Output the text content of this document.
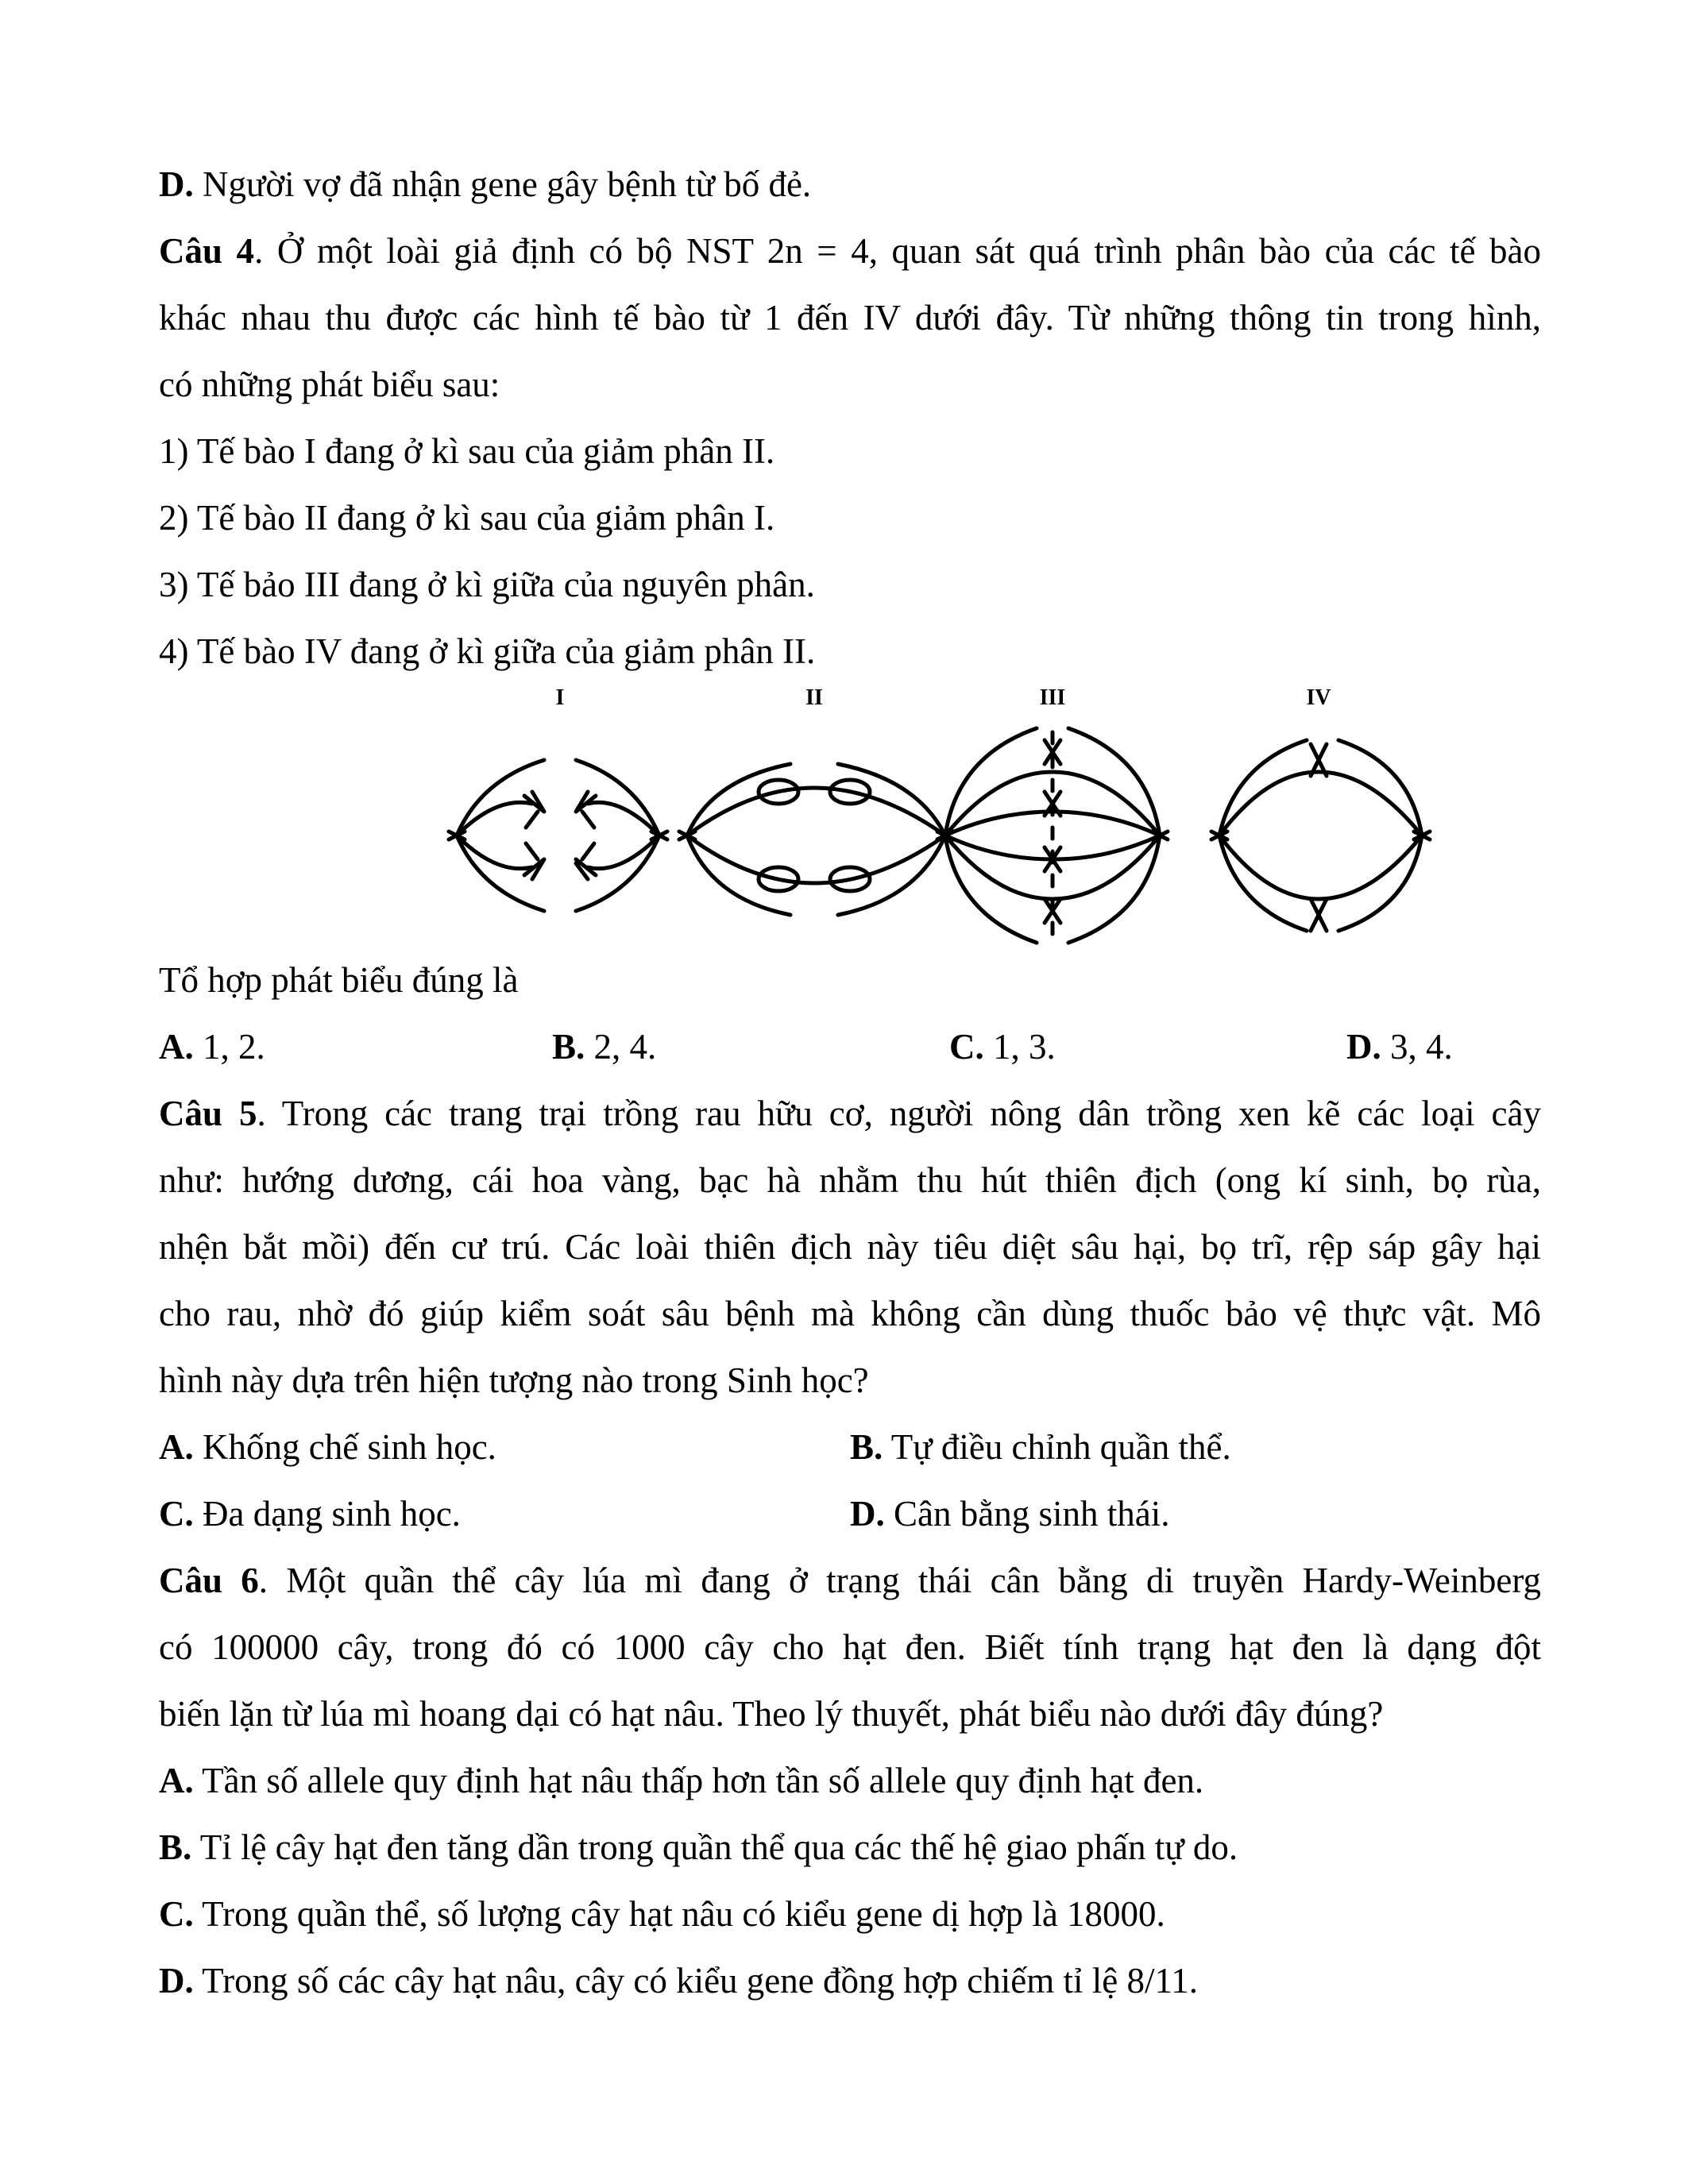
D. Người vợ đã nhận gene gây bệnh từ bố đẻ.
Câu 4. Ở một loài giả định có bộ NST 2n = 4, quan sát quá trình phân bào của các tế bào
khác nhau thu được các hình tế bào từ 1 đến IV dưới đây. Từ những thông tin trong hình,
có những phát biểu sau:
1) Tế bào I đang ở kì sau của giảm phân II.
2) Tế bào II đang ở kì sau của giảm phân I.
3) Tế bảo III đang ở kì giữa của nguyên phân.
4) Tế bào IV đang ở kì giữa của giảm phân II.
I	II	III	IV
Tổ hợp phát biểu đúng là
A. 1, 2.	B. 2, 4.	C. 1, 3.	D. 3, 4.
Câu 5. Trong các trang trại trồng rau hữu cơ, người nông dân trồng xen kẽ các loại cây
như: hướng dương, cái hoa vàng, bạc hà nhằm thu hút thiên địch (ong kí sinh, bọ rùa,
nhện bắt mồi) đến cư trú. Các loài thiên địch này tiêu diệt sâu hại, bọ trĩ, rệp sáp gây hại
cho rau, nhờ đó giúp kiểm soát sâu bệnh mà không cần dùng thuốc bảo vệ thực vật. Mô
hình này dựa trên hiện tượng nào trong Sinh học?
A. Khống chế sinh học.	B. Tự điều chỉnh quần thể.
C. Đa dạng sinh học.	D. Cân bằng sinh thái.
Câu 6. Một quần thể cây lúa mì đang ở trạng thái cân bằng di truyền Hardy-Weinberg
có 100000 cây, trong đó có 1000 cây cho hạt đen. Biết tính trạng hạt đen là dạng đột
biến lặn từ lúa mì hoang dại có hạt nâu. Theo lý thuyết, phát biểu nào dưới đây đúng?
A. Tần số allele quy định hạt nâu thấp hơn tần số allele quy định hạt đen.
B. Tỉ lệ cây hạt đen tăng dần trong quần thể qua các thế hệ giao phấn tự do.
C. Trong quần thể, số lượng cây hạt nâu có kiểu gene dị hợp là 18000.
D. Trong số các cây hạt nâu, cây có kiểu gene đồng hợp chiếm tỉ lệ 8/11.
